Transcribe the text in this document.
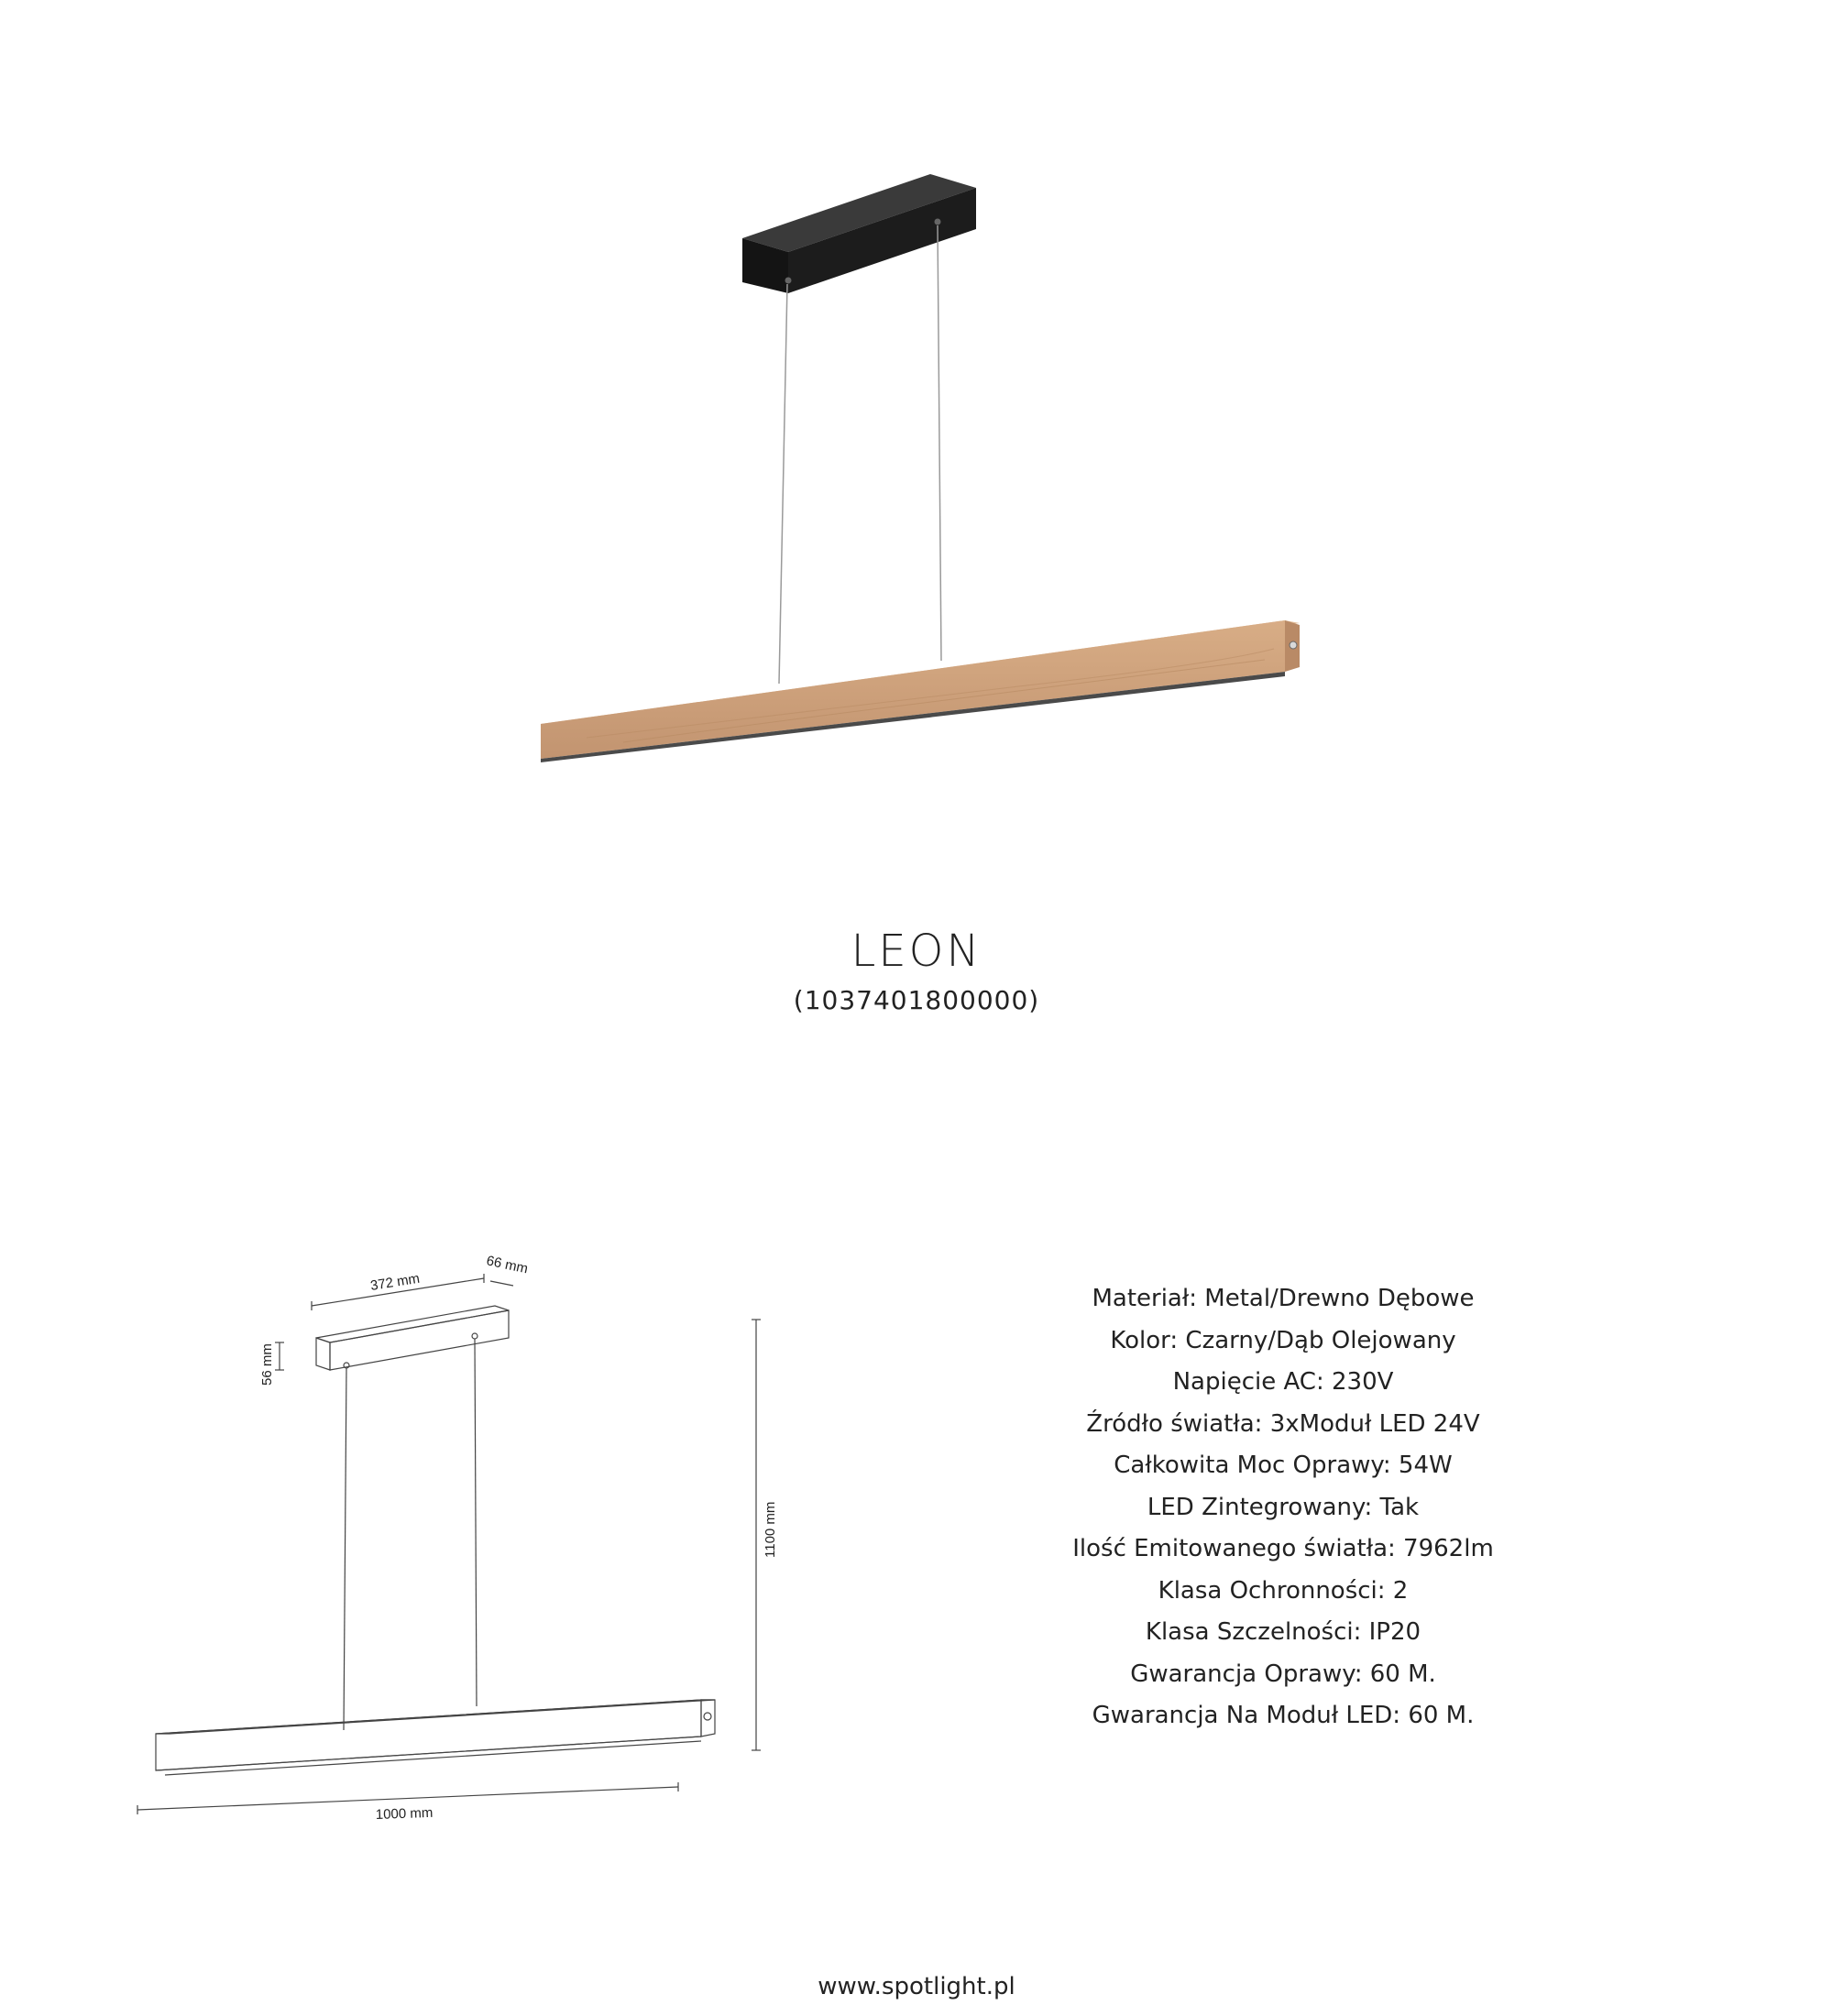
LEON
(1037401800000)
372 mm
66 mm
56 mm
1100 mm
1000 mm
Materiał: Metal/Drewno Dębowe
Kolor: Czarny/Dąb Olejowany
Napięcie AC: 230V
Źródło światła: 3xModuł LED 24V
Całkowita Moc Oprawy: 54W
LED Zintegrowany: Tak
Ilość Emitowanego światła: 7962lm
Klasa Ochronności: 2
Klasa Szczelności: IP20
Gwarancja Oprawy: 60 M.
Gwarancja Na Moduł LED: 60 M.
www.spotlight.pl
